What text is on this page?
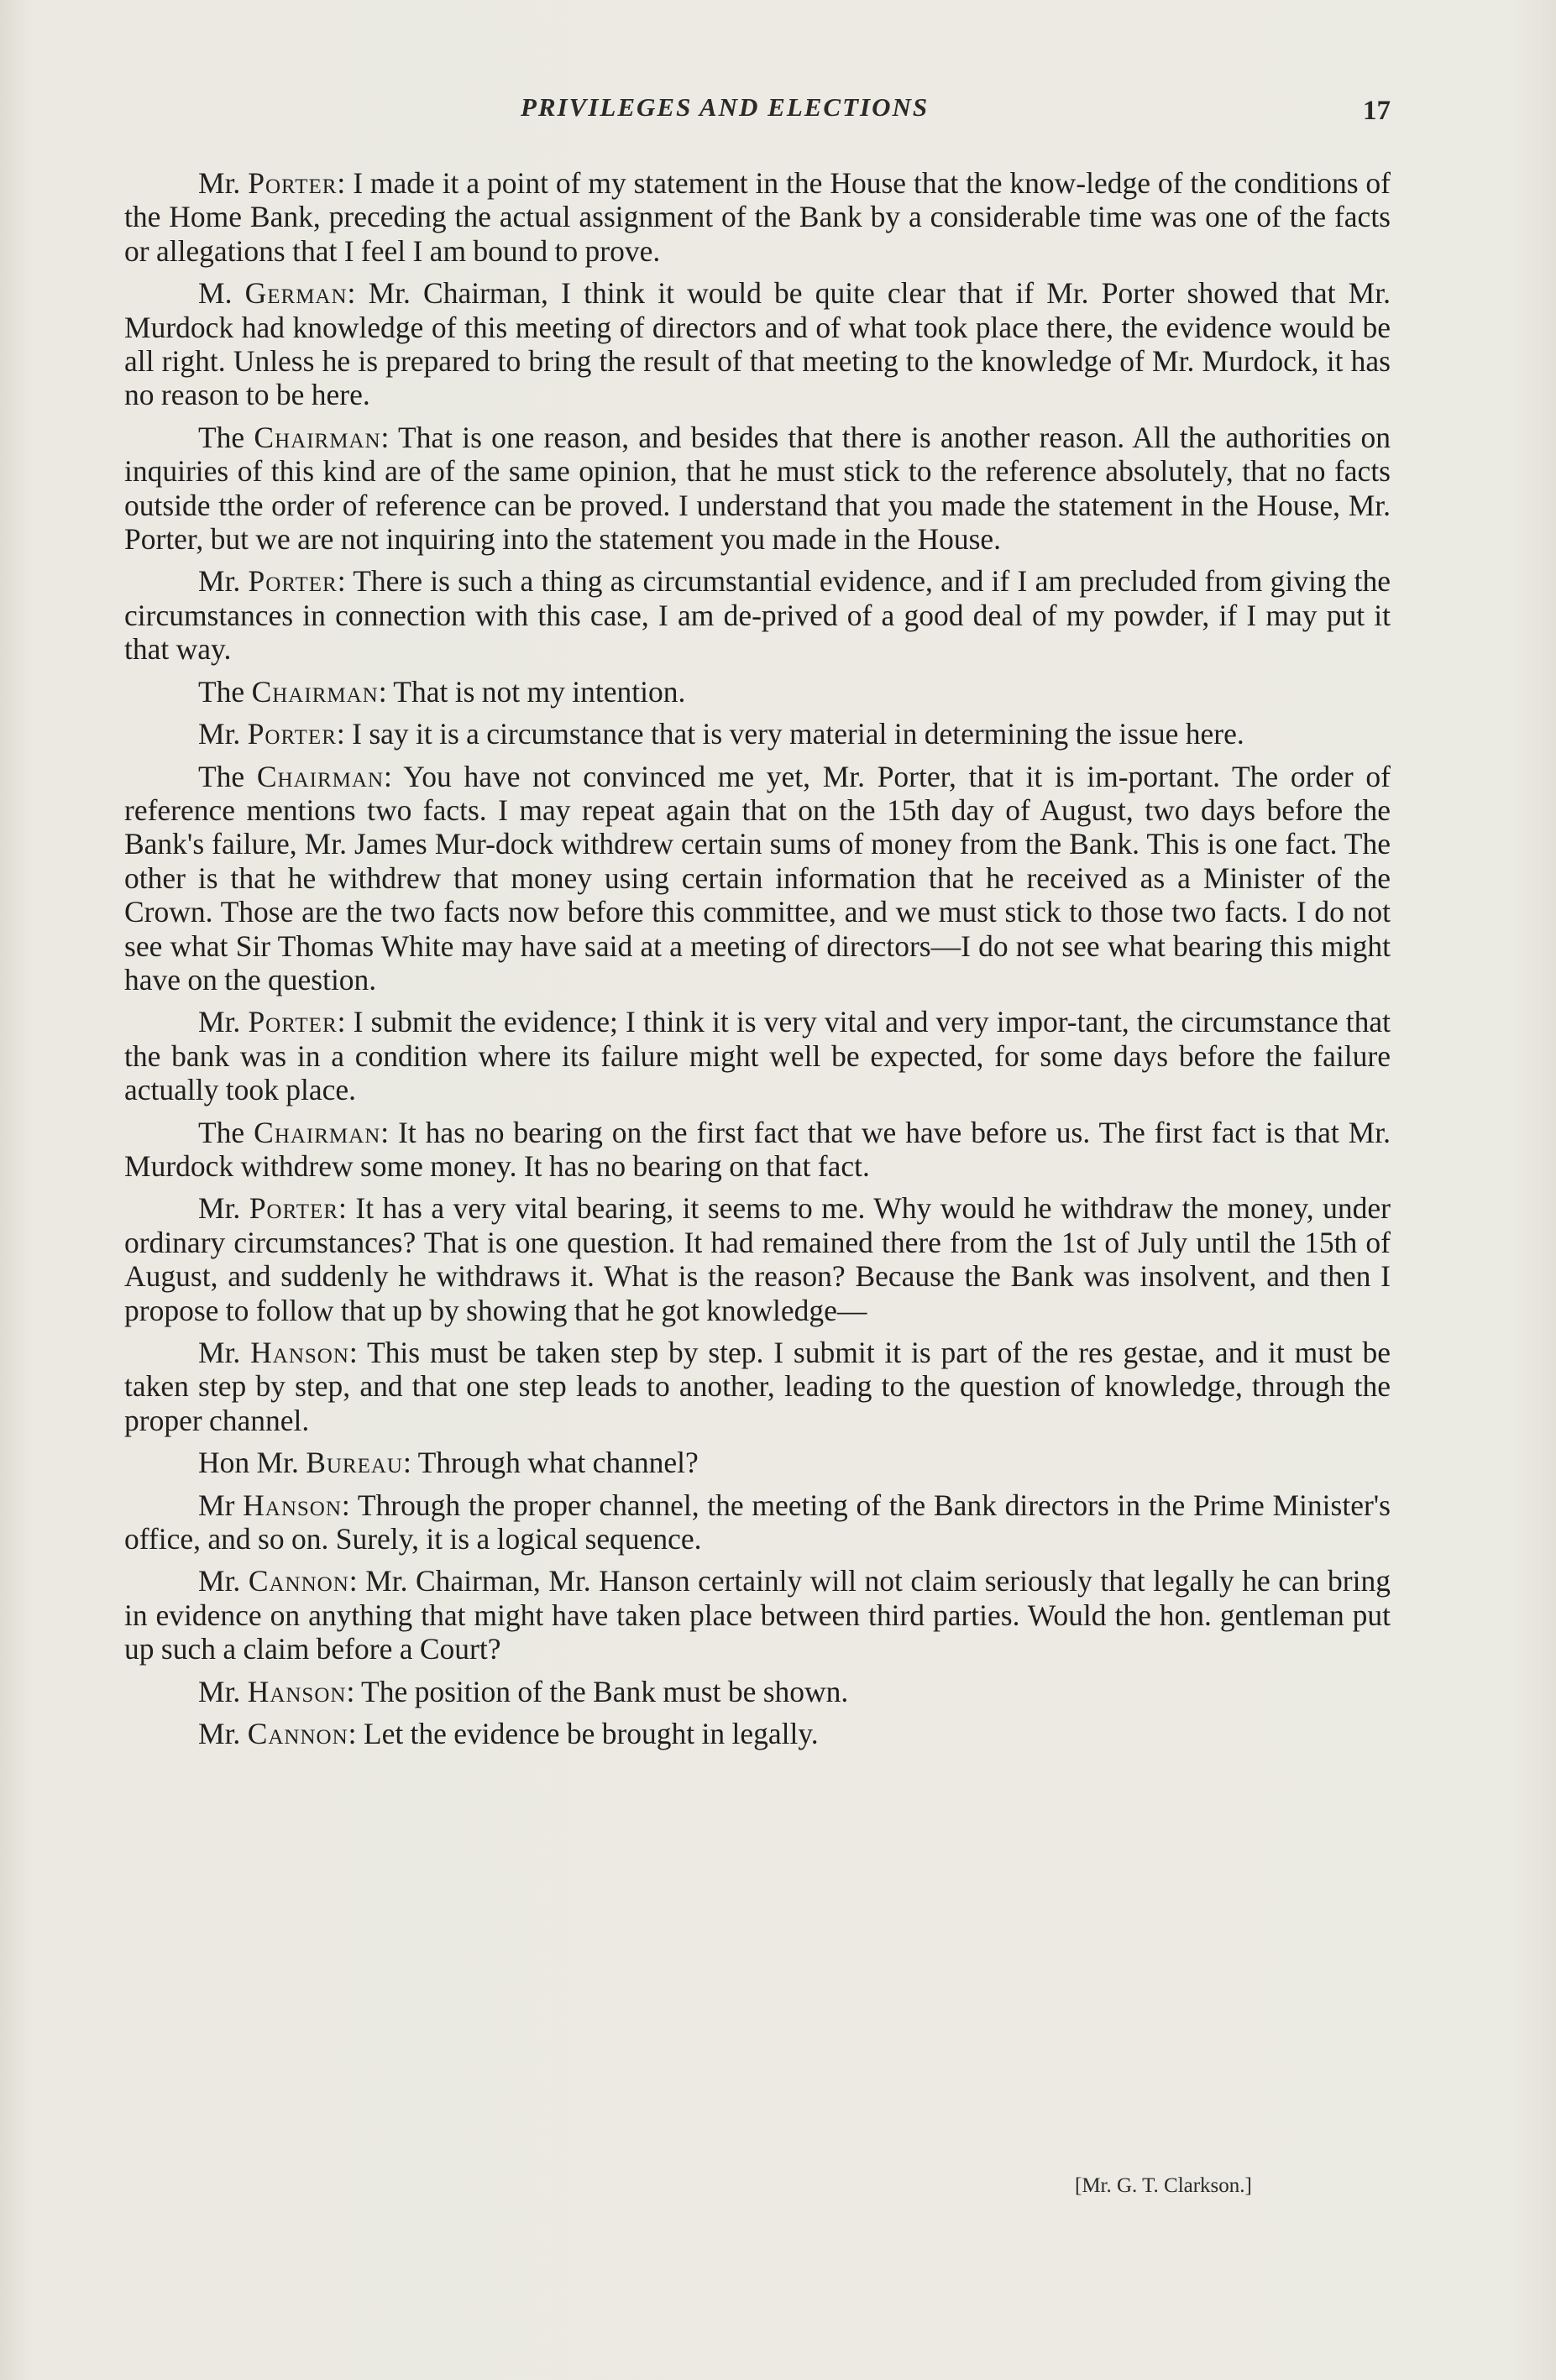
PRIVILEGES AND ELECTIONS	17

Mr. Porter: I made it a point of my statement in the House that the know-ledge of the conditions of the Home Bank, preceding the actual assignment of the Bank by a considerable time was one of the facts or allegations that I feel I am bound to prove.

M. German: Mr. Chairman, I think it would be quite clear that if Mr. Porter showed that Mr. Murdock had knowledge of this meeting of directors and of what took place there, the evidence would be all right. Unless he is prepared to bring the result of that meeting to the knowledge of Mr. Murdock, it has no reason to be here.

The Chairman: That is one reason, and besides that there is another reason. All the authorities on inquiries of this kind are of the same opinion, that he must stick to the reference absolutely, that no facts outside tthe order of reference can be proved. I understand that you made the statement in the House, Mr. Porter, but we are not inquiring into the statement you made in the House.

Mr. Porter: There is such a thing as circumstantial evidence, and if I am precluded from giving the circumstances in connection with this case, I am de-prived of a good deal of my powder, if I may put it that way.

The Chairman: That is not my intention.

Mr. Porter: I say it is a circumstance that is very material in determining the issue here.

The Chairman: You have not convinced me yet, Mr. Porter, that it is im-portant. The order of reference mentions two facts. I may repeat again that on the 15th day of August, two days before the Bank's failure, Mr. James Mur-dock withdrew certain sums of money from the Bank. This is one fact. The other is that he withdrew that money using certain information that he received as a Minister of the Crown. Those are the two facts now before this committee, and we must stick to those two facts. I do not see what Sir Thomas White may have said at a meeting of directors—I do not see what bearing this might have on the question.

Mr. Porter: I submit the evidence; I think it is very vital and very impor-tant, the circumstance that the bank was in a condition where its failure might well be expected, for some days before the failure actually took place.

The Chairman: It has no bearing on the first fact that we have before us. The first fact is that Mr. Murdock withdrew some money. It has no bearing on that fact.

Mr. Porter: It has a very vital bearing, it seems to me. Why would he withdraw the money, under ordinary circumstances? That is one question. It had remained there from the 1st of July until the 15th of August, and suddenly he withdraws it. What is the reason? Because the Bank was insolvent, and then I propose to follow that up by showing that he got knowledge—

Mr. Hanson: This must be taken step by step. I submit it is part of the res gestae, and it must be taken step by step, and that one step leads to another, leading to the question of knowledge, through the proper channel.

Hon Mr. Bureau: Through what channel?

Mr Hanson: Through the proper channel, the meeting of the Bank directors in the Prime Minister's office, and so on. Surely, it is a logical sequence.

Mr. Cannon: Mr. Chairman, Mr. Hanson certainly will not claim seriously that legally he can bring in evidence on anything that might have taken place between third parties. Would the hon. gentleman put up such a claim before a Court?

Mr. Hanson: The position of the Bank must be shown.

Mr. Cannon: Let the evidence be brought in legally.

[Mr. G. T. Clarkson.]
